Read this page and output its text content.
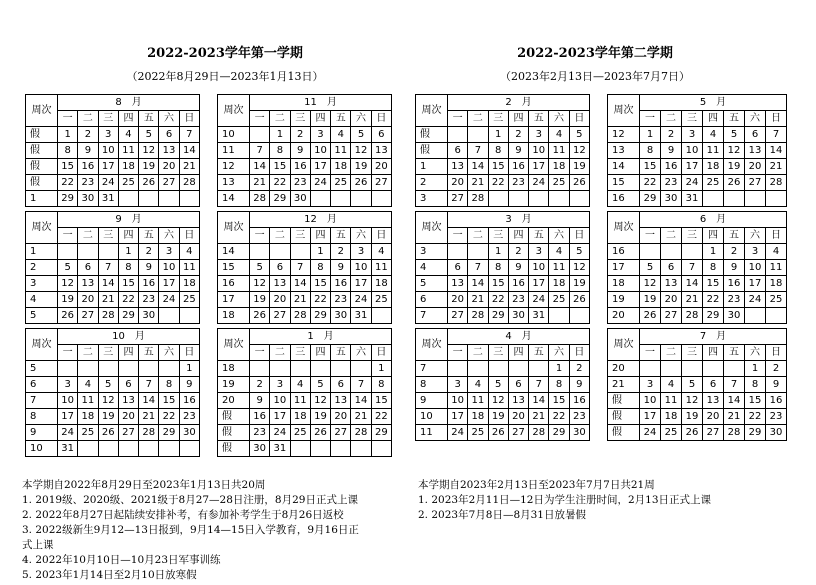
2022-2023学年第一学期
（2022年8月29日—2023年1月13日）
周次	8　月						
	一	二	三	四	五	六	日
假	1	2	3	4	5	6	7
假	8	9	10	11	12	13	14
假	15	16	17	18	19	20	21
假	22	23	24	25	26	27	28
1	29	30	31				
周次	9　月						
	一	二	三	四	五	六	日
1				1	2	3	4
2	5	6	7	8	9	10	11
3	12	13	14	15	16	17	18
4	19	20	21	22	23	24	25
5	26	27	28	29	30		
周次	10　月						
	一	二	三	四	五	六	日
5							1
6	3	4	5	6	7	8	9
7	10	11	12	13	14	15	16
8	17	18	19	20	21	22	23
9	24	25	26	27	28	29	30
10	31						
周次	11　月						
	一	二	三	四	五	六	日
10		1	2	3	4	5	6
11	7	8	9	10	11	12	13
12	14	15	16	17	18	19	20
13	21	22	23	24	25	26	27
14	28	29	30				
周次	12　月						
	一	二	三	四	五	六	日
14				1	2	3	4
15	5	6	7	8	9	10	11
16	12	13	14	15	16	17	18
17	19	20	21	22	23	24	25
18	26	27	28	29	30	31	
周次	1　月						
	一	二	三	四	五	六	日
18							1
19	2	3	4	5	6	7	8
20	9	10	11	12	13	14	15
假	16	17	18	19	20	21	22
假	23	24	25	26	27	28	29
假	30	31					
本学期自2022年8月29日至2023年1月13日共20周
1. 2019级、2020级、2021级于8月27—28日注册，8月29日正式上课
2. 2022年8月27日起陆续安排补考，有参加补考学生于8月26日返校
3. 2022级新生9月12—13日报到，9月14—15日入学教育，9月16日正
式上课
4. 2022年10月10日—10月23日军事训练
5. 2023年1月14日至2月10日放寒假
2022-2023学年第二学期
（2023年2月13日—2023年7月7日）
周次	2　月						
	一	二	三	四	五	六	日
假			1	2	3	4	5
假	6	7	8	9	10	11	12
1	13	14	15	16	17	18	19
2	20	21	22	23	24	25	26
3	27	28					
周次	3　月						
	一	二	三	四	五	六	日
3			1	2	3	4	5
4	6	7	8	9	10	11	12
5	13	14	15	16	17	18	19
6	20	21	22	23	24	25	26
7	27	28	29	30	31		
周次	4　月						
	一	二	三	四	五	六	日
7						1	2
8	3	4	5	6	7	8	9
9	10	11	12	13	14	15	16
10	17	18	19	20	21	22	23
11	24	25	26	27	28	29	30
周次	5　月						
	一	二	三	四	五	六	日
12	1	2	3	4	5	6	7
13	8	9	10	11	12	13	14
14	15	16	17	18	19	20	21
15	22	23	24	25	26	27	28
16	29	30	31				
周次	6　月						
	一	二	三	四	五	六	日
16				1	2	3	4
17	5	6	7	8	9	10	11
18	12	13	14	15	16	17	18
19	19	20	21	22	23	24	25
20	26	27	28	29	30		
周次	7　月						
	一	二	三	四	五	六	日
20						1	2
21	3	4	5	6	7	8	9
假	10	11	12	13	14	15	16
假	17	18	19	20	21	22	23
假	24	25	26	27	28	29	30
本学期自2023年2月13日至2023年7月7日共21周
1. 2023年2月11日—12日为学生注册时间，2月13日正式上课
2. 2023年7月8日—8月31日放暑假
